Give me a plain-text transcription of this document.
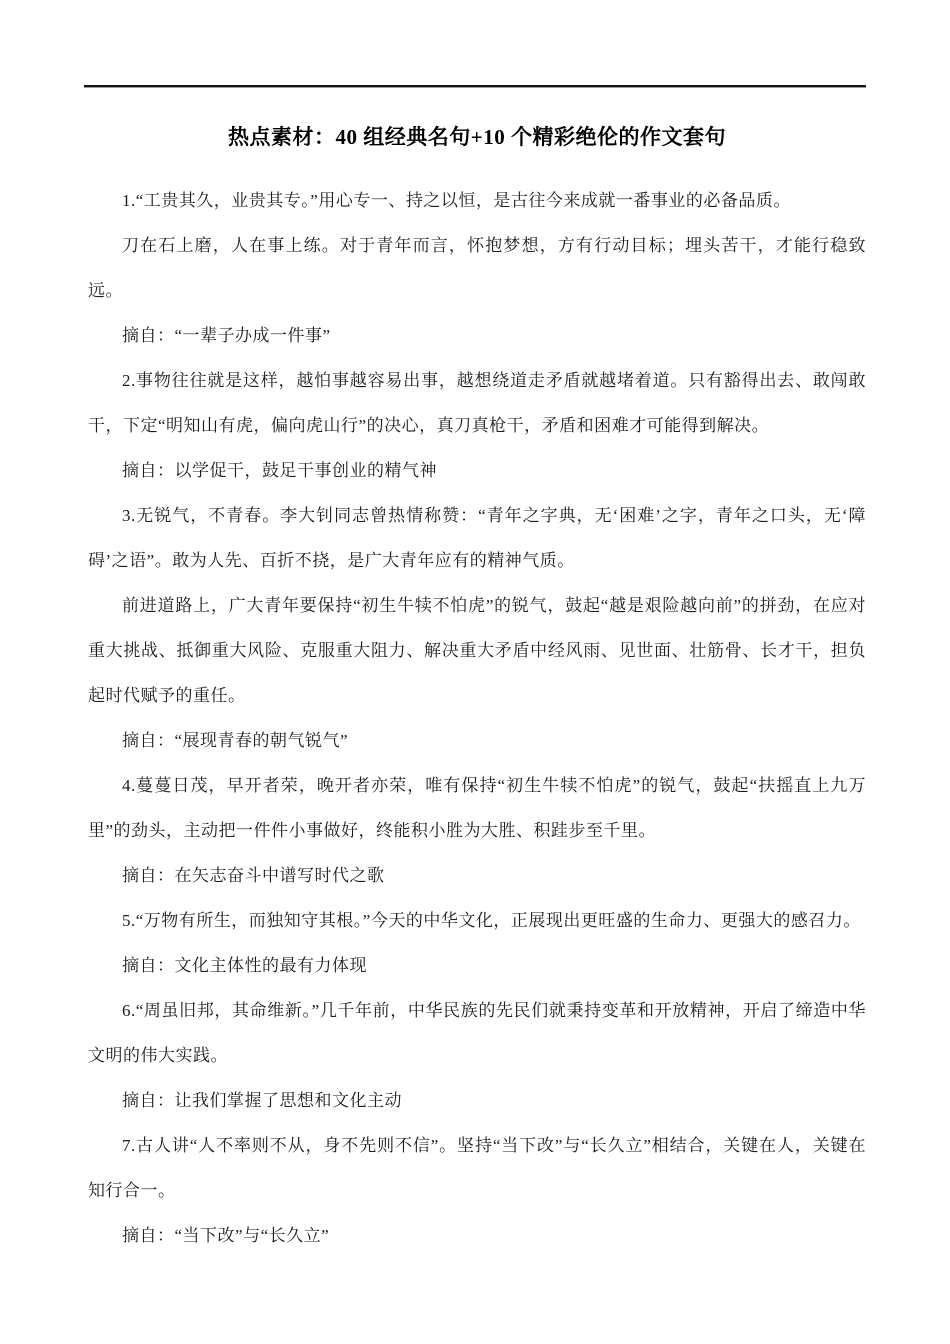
热点素材：40 组经典名句+10 个精彩绝伦的作文套句

1.“工贵其久，业贵其专。”用心专一、持之以恒，是古往今来成就一番事业的必备品质。

刀在石上磨，人在事上练。对于青年而言，怀抱梦想，方有行动目标；埋头苦干，才能行稳致远。

摘自：“一辈子办成一件事”

2.事物往往就是这样，越怕事越容易出事，越想绕道走矛盾就越堵着道。只有豁得出去、敢闯敢干，下定“明知山有虎，偏向虎山行”的决心，真刀真枪干，矛盾和困难才可能得到解决。

摘自：以学促干，鼓足干事创业的精气神

3.无锐气，不青春。李大钊同志曾热情称赞：“青年之字典，无‘困难’之字，青年之口头，无‘障碍’之语”。敢为人先、百折不挠，是广大青年应有的精神气质。

前进道路上，广大青年要保持“初生牛犊不怕虎”的锐气，鼓起“越是艰险越向前”的拼劲，在应对重大挑战、抵御重大风险、克服重大阻力、解决重大矛盾中经风雨、见世面、壮筋骨、长才干，担负起时代赋予的重任。

摘自：“展现青春的朝气锐气”

4.蔓蔓日茂，早开者荣，晚开者亦荣，唯有保持“初生牛犊不怕虎”的锐气，鼓起“扶摇直上九万里”的劲头，主动把一件件小事做好，终能积小胜为大胜、积跬步至千里。

摘自：在矢志奋斗中谱写时代之歌

5.“万物有所生，而独知守其根。”今天的中华文化，正展现出更旺盛的生命力、更强大的感召力。

摘自：文化主体性的最有力体现

6.“周虽旧邦，其命维新。”几千年前，中华民族的先民们就秉持变革和开放精神，开启了缔造中华文明的伟大实践。

摘自：让我们掌握了思想和文化主动

7.古人讲“人不率则不从，身不先则不信”。坚持“当下改”与“长久立”相结合，关键在人，关键在知行合一。

摘自：“当下改”与“长久立”
